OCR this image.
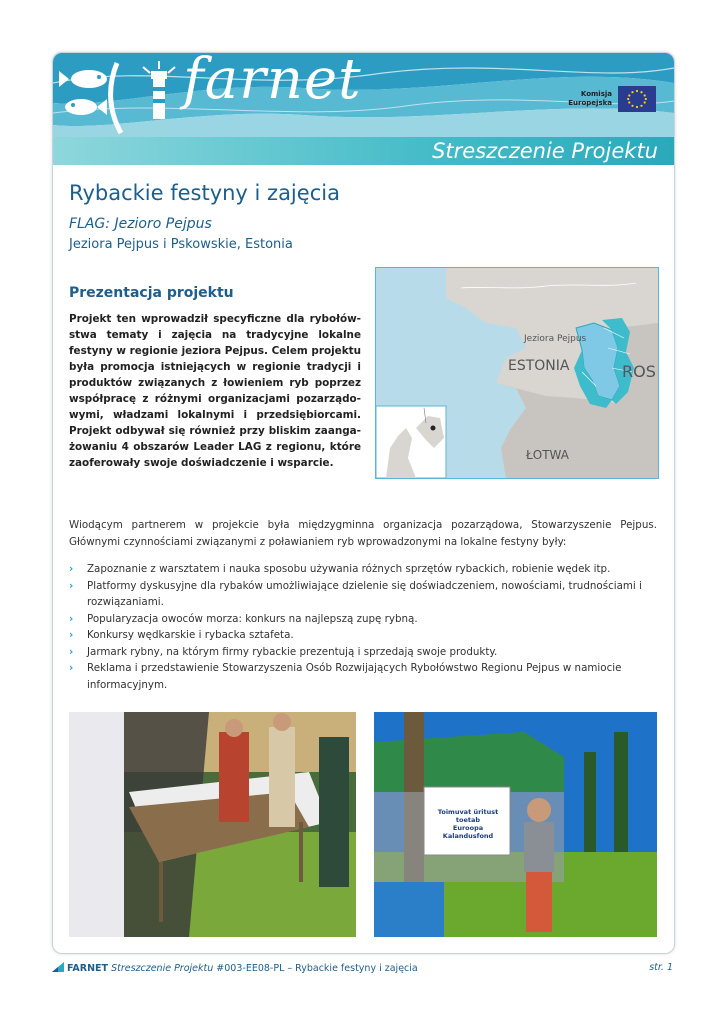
farnet	Komisja
Europejska
Streszczenie Projektu
Rybackie festyny i zajęcia
FLAG: Jezioro Pejpus
Jeziora Pejpus i Pskowskie, Estonia
Prezentacja projektu
Projekt ten wprowadził specyficzne dla rybołów-stwa tematy i zajęcia na tradycyjne lokalne festyny w regionie jeziora Pejpus. Celem projektu była promocja istniejących w regionie tradycji i produktów związanych z łowieniem ryb poprzez współpracę z różnymi organizacjami pozarządo-wymi, władzami lokalnymi i przedsiębiorcami. Projekt odbywał się również przy bliskim zaanga-żowaniu 4 obszarów Leader LAG z regionu, które zaoferowały swoje doświadczenie i wsparcie.
Jeziora Pejpus
ESTONIA	ROS
ŁOTWA
Wiodącym partnerem w projekcie była międzygminna organizacja pozarządowa, Stowarzyszenie Pejpus. Głównymi czynnościami związanymi z poławianiem ryb wprowadzonymi na lokalne festyny były:
› Zapoznanie z warsztatem i nauka sposobu używania różnych sprzętów rybackich, robienie wędek itp.
› Platformy dyskusyjne dla rybaków umożliwiające dzielenie się doświadczeniem, nowościami, trudnościami i rozwiązaniami.
› Popularyzacja owoców morza: konkurs na najlepszą zupę rybną.
› Konkursy wędkarskie i rybacka sztafeta.
› Jarmark rybny, na którym firmy rybackie prezentują i sprzedają swoje produkty.
› Reklama i przedstawienie Stowarzyszenia Osób Rozwijających Rybołówstwo Regionu Pejpus w namiocie informacyjnym.
Toimuvat üritust toetab
Euroopa Kalandusfond
FARNET Streszczenie Projektu #003-EE08-PL – Rybackie festyny i zajęcia	str. 1
